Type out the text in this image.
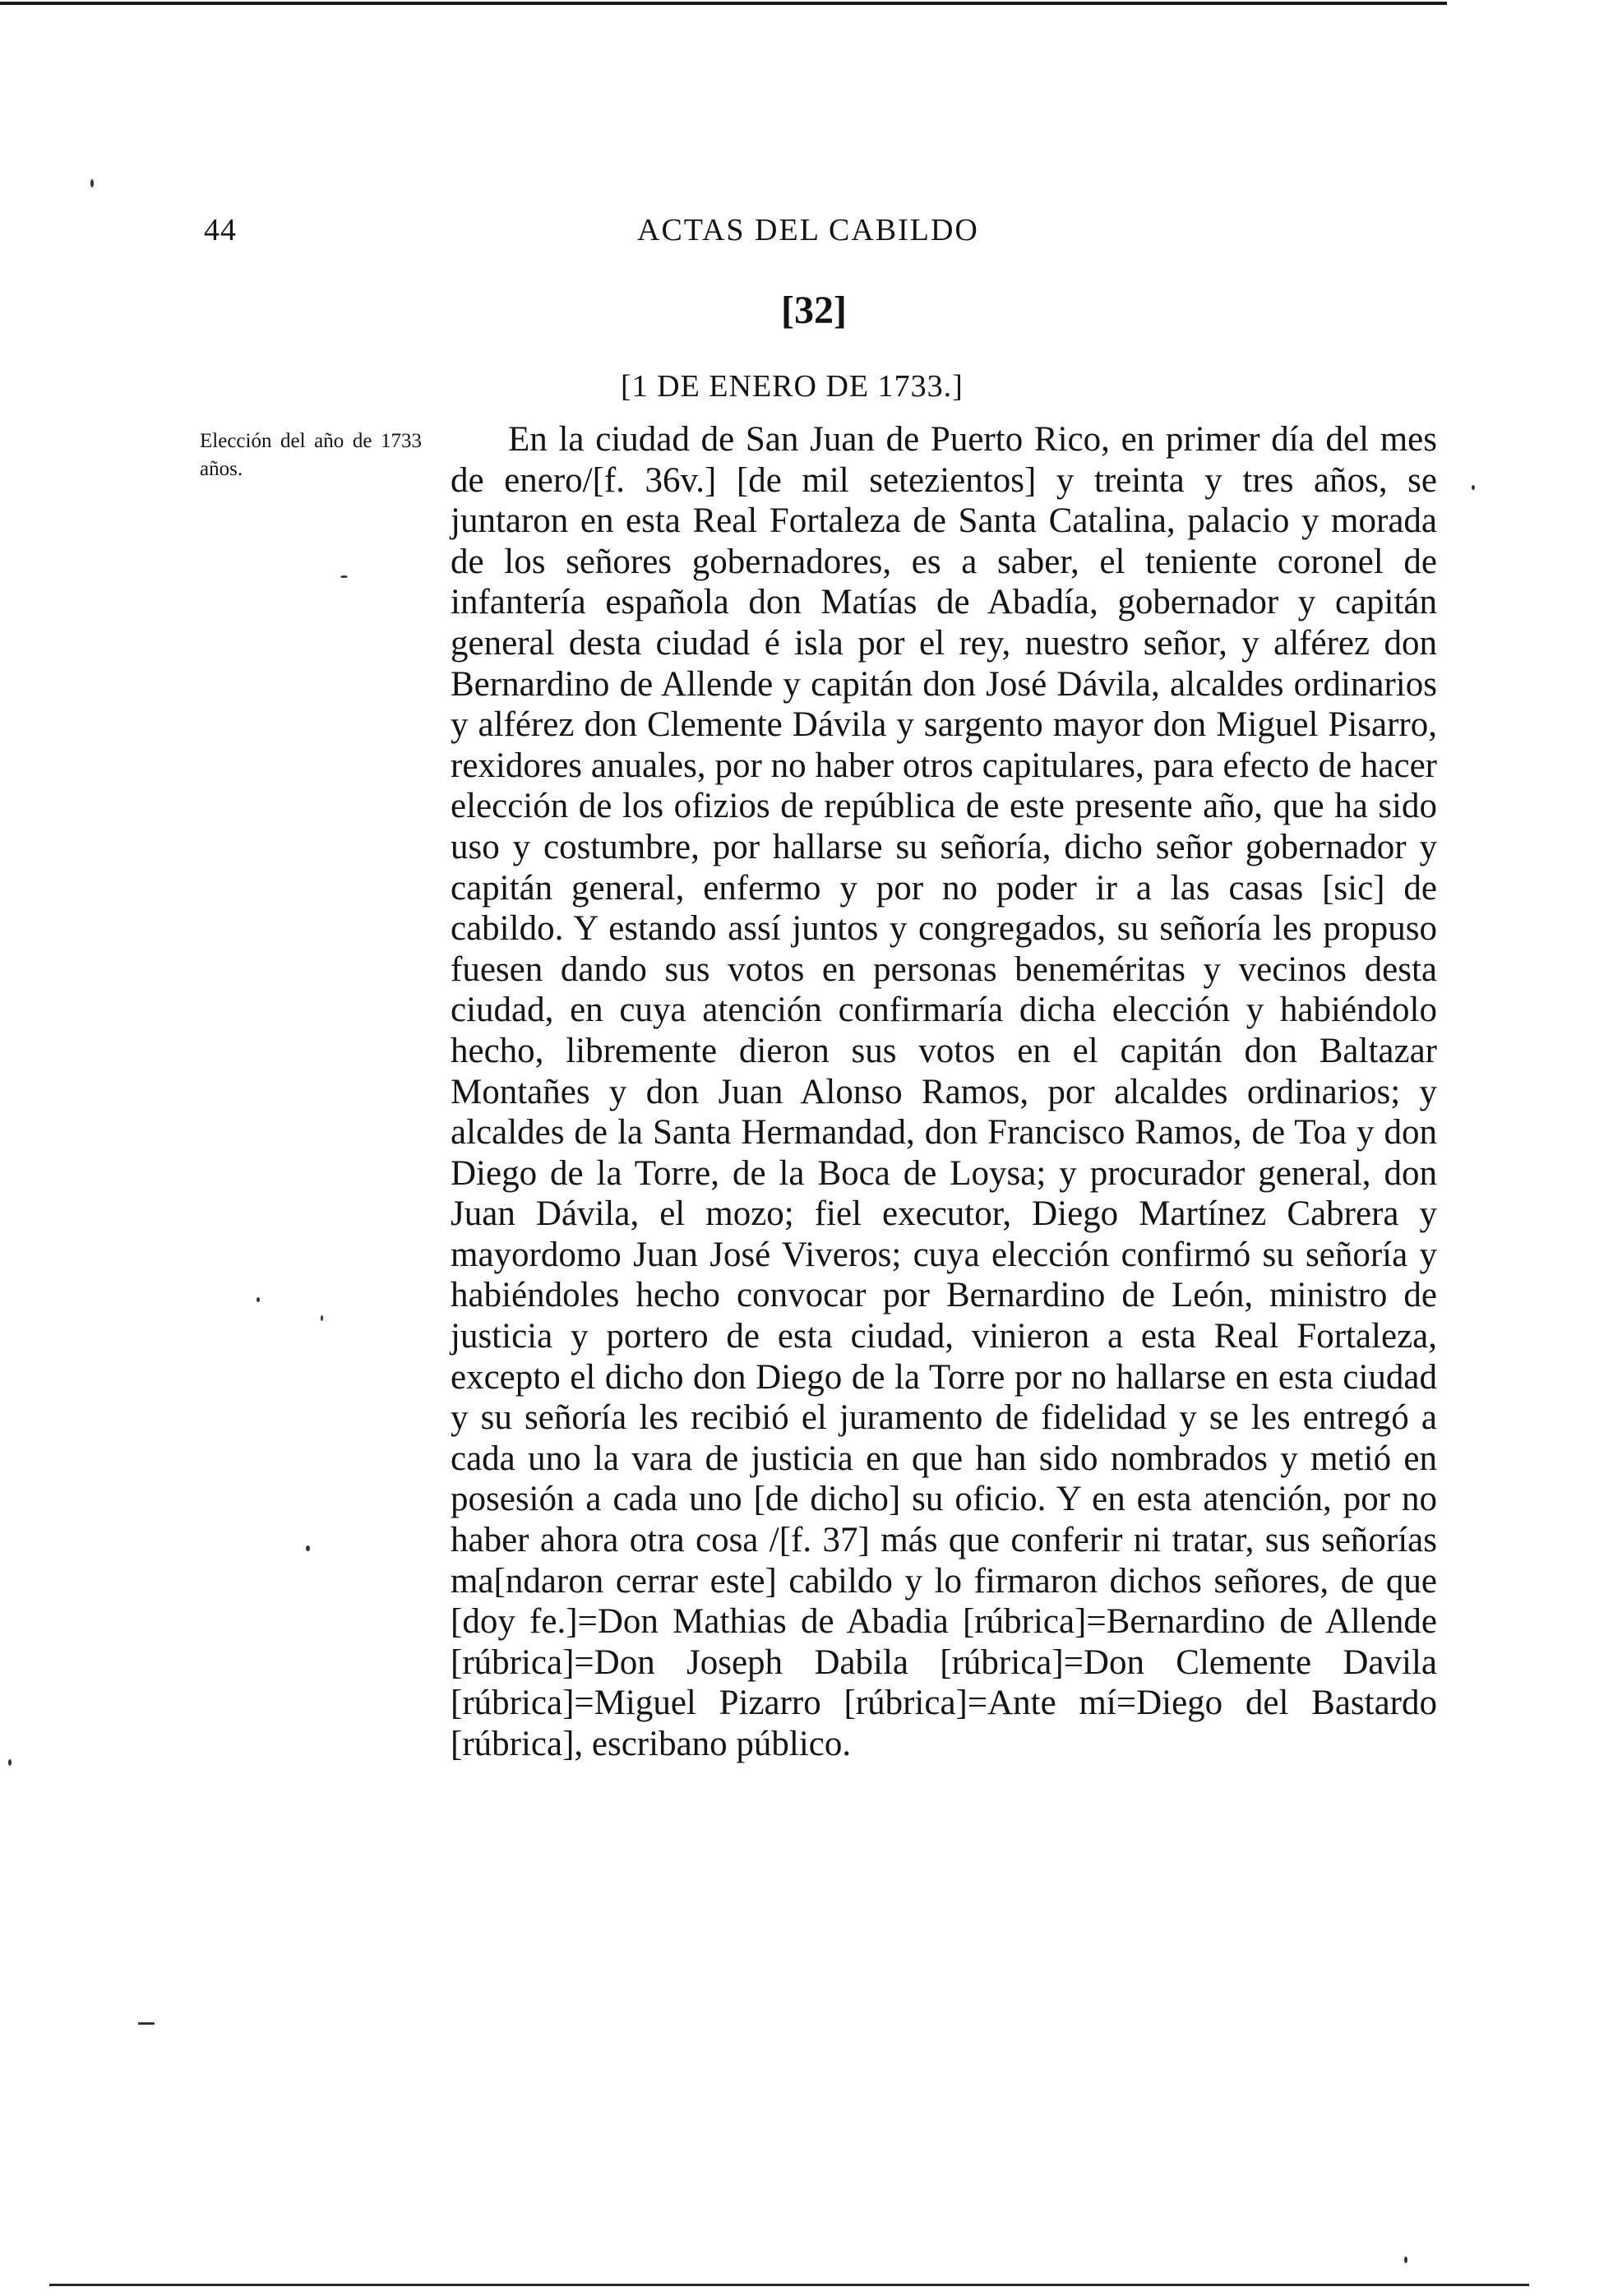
44	ACTAS DEL CABILDO
[32]
[1 DE ENERO DE 1733.]
Elección del año de 1733 años.

En la ciudad de San Juan de Puerto Rico, en primer día del mes de enero/[f. 36v.] [de mil setezientos] y treinta y tres años, se juntaron en esta Real Fortaleza de Santa Catalina, palacio y morada de los señores gobernadores, es a saber, el teniente coronel de infantería española don Matías de Abadía, gobernador y capitán general desta ciudad é isla por el rey, nuestro señor, y alférez don Bernardino de Allende y capitán don José Dávila, alcaldes ordinarios y alférez don Clemente Dávila y sargento mayor don Miguel Pisarro, rexidores anuales, por no haber otros capitulares, para efecto de hacer elección de los ofizios de república de este presente año, que ha sido uso y costumbre, por hallarse su señoría, dicho señor gobernador y capitán general, enfermo y por no poder ir a las casas [sic] de cabildo. Y estando assí juntos y congregados, su señoría les propuso fuesen dando sus votos en personas beneméritas y vecinos desta ciudad, en cuya atención confirmaría dicha elección y habiéndolo hecho, libremente dieron sus votos en el capitán don Baltazar Montañes y don Juan Alonso Ramos, por alcaldes ordinarios; y alcaldes de la Santa Hermandad, don Francisco Ramos, de Toa y don Diego de la Torre, de la Boca de Loysa; y procurador general, don Juan Dávila, el mozo; fiel executor, Diego Martínez Cabrera y mayordomo Juan José Viveros; cuya elección confirmó su señoría y habiéndoles hecho convocar por Bernardino de León, ministro de justicia y portero de esta ciudad, vinieron a esta Real Fortaleza, excepto el dicho don Diego de la Torre por no hallarse en esta ciudad y su señoría les recibió el juramento de fidelidad y se les entregó a cada uno la vara de justicia en que han sido nombrados y metió en posesión a cada uno [de dicho] su oficio. Y en esta atención, por no haber ahora otra cosa /[f. 37] más que conferir ni tratar, sus señorías ma[ndaron cerrar este] cabildo y lo firmaron dichos señores, de que [doy fe.]=Don Mathias de Abadia [rúbrica]=Bernardino de Allende [rúbrica]=Don Joseph Dabila [rúbrica]=Don Clemente Davila [rúbrica]=Miguel Pizarro [rúbrica]=Ante mí=Diego del Bastardo [rúbrica], escribano público.
